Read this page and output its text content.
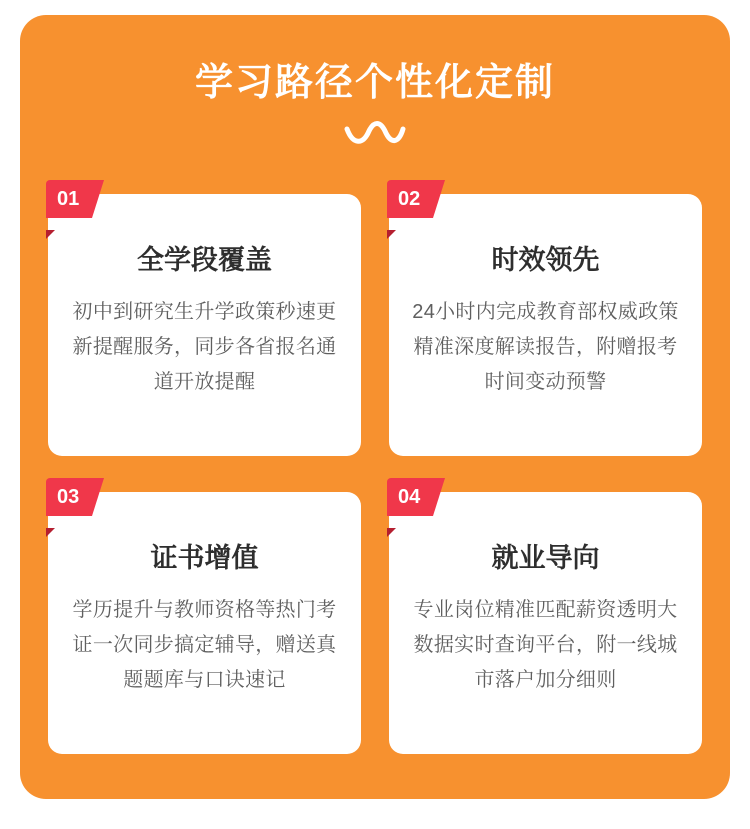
学习路径个性化定制
01
全学段覆盖

初中到研究生升学政策秒速更新提醒服务，同步各省报名通道开放提醒

02
时效领先

24小时内完成教育部权威政策精准深度解读报告，附赠报考时间变动预警

03
证书增值

学历提升与教师资格等热门考证一次同步搞定辅导，赠送真题题库与口诀速记

04
就业导向

专业岗位精准匹配薪资透明大数据实时查询平台，附一线城市落户加分细则
